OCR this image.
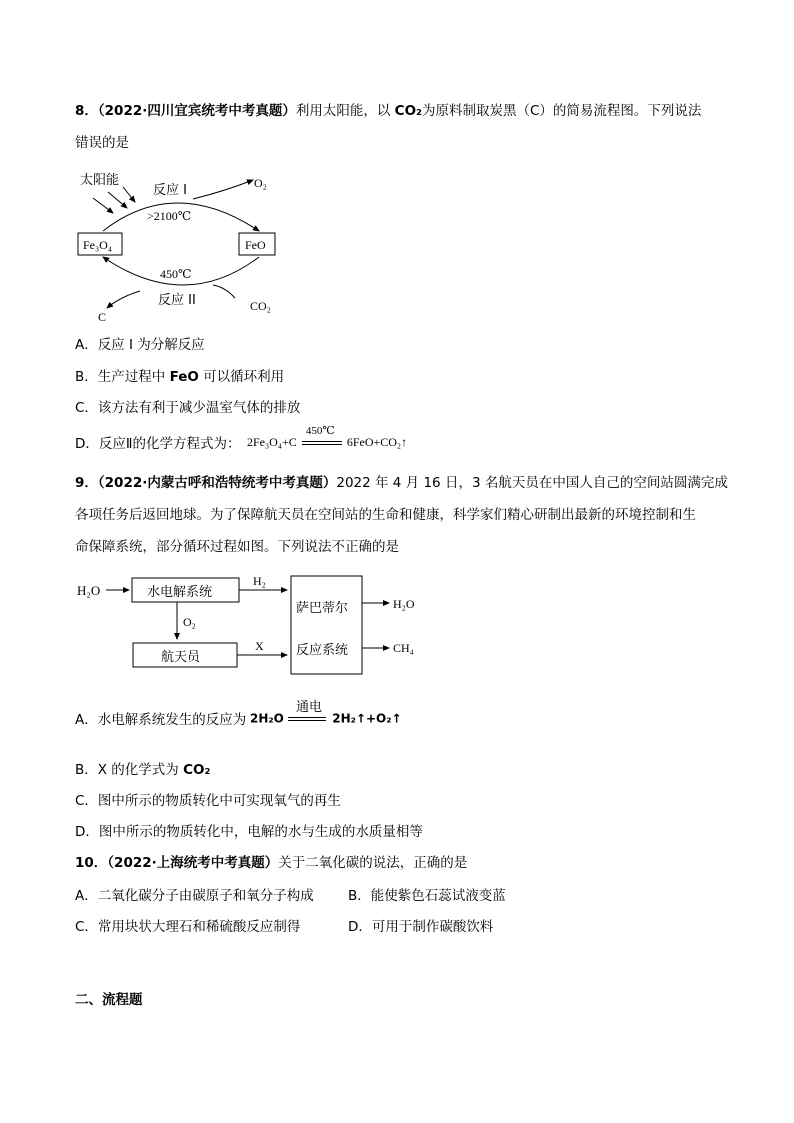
8．（2022·四川宜宾统考中考真题）利用太阳能，以 CO₂为原料制取炭黑（C）的简易流程图。下列说法
错误的是
太阳能	O₂
反应 I
>2100℃
Fe₃O₄	FeO
450℃
反应 II	CO₂
C
A．反应 I 为分解反应
B．生产过程中 FeO 可以循环利用
C．该方法有利于减少温室气体的排放
D．反应Ⅱ的化学方程式为： 2Fe₃O₄+C
450℃
6FeO+CO₂↑
9．（2022·内蒙古呼和浩特统考中考真题）2022 年 4 月 16 日，3 名航天员在中国人自己的空间站圆满完成
各项任务后返回地球。为了保障航天员在空间站的生命和健康，科学家们精心研制出最新的环境控制和生
命保障系统，部分循环过程如图。下列说法不正确的是
H₂O	水电解系统
H₂
萨巴蒂尔
反应系统
H₂O
CH₄
O₂
航天员
X
A．水电解系统发生的反应为 2H₂O
通电
2H₂↑+O₂↑
B．X 的化学式为 CO₂
C．图中所示的物质转化中可实现氧气的再生
D．图中所示的物质转化中，电解的水与生成的水质量相等
10．（2022·上海统考中考真题）关于二氧化碳的说法，正确的是
A．二氧化碳分子由碳原子和氧分子构成	B．能使紫色石蕊试液变蓝
C．常用块状大理石和稀硫酸反应制得	D．可用于制作碳酸饮料
二、流程题
